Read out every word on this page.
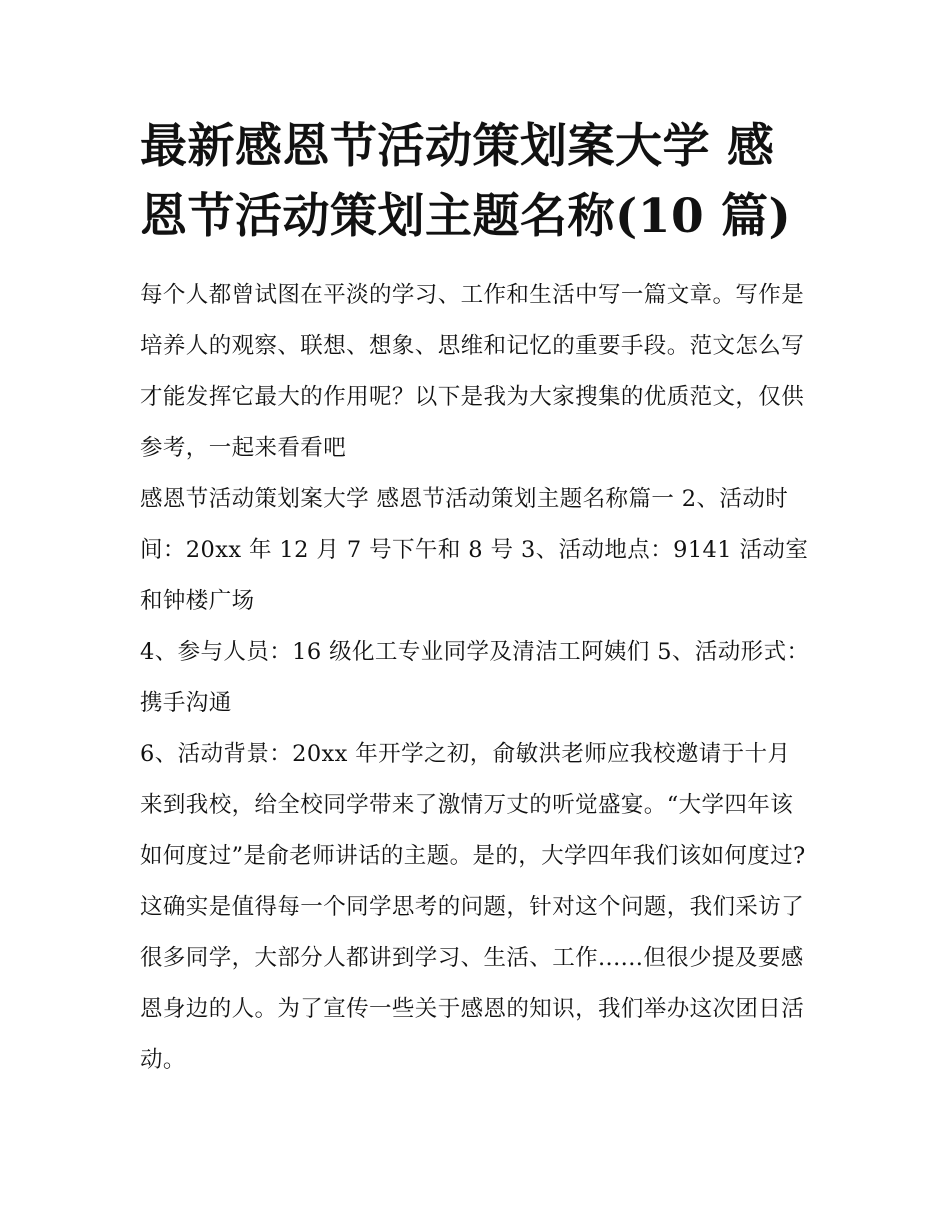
最新感恩节活动策划案大学 感恩节活动策划主题名称(10 篇)

每个人都曾试图在平淡的学习、工作和生活中写一篇文章。写作是培养人的观察、联想、想象、思维和记忆的重要手段。范文怎么写才能发挥它最大的作用呢？以下是我为大家搜集的优质范文，仅供参考，一起来看看吧

感恩节活动策划案大学 感恩节活动策划主题名称篇一 2、活动时间：20xx 年 12 月 7 号下午和 8 号 3、活动地点：9141 活动室和钟楼广场

4、参与人员：16 级化工专业同学及清洁工阿姨们 5、活动形式：携手沟通

6、活动背景：20xx 年开学之初，俞敏洪老师应我校邀请于十月来到我校，给全校同学带来了激情万丈的听觉盛宴。“大学四年该如何度过”是俞老师讲话的主题。是的，大学四年我们该如何度过?这确实是值得每一个同学思考的问题，针对这个问题，我们采访了很多同学，大部分人都讲到学习、生活、工作......但很少提及要感恩身边的人。为了宣传一些关于感恩的知识，我们举办这次团日活动。
